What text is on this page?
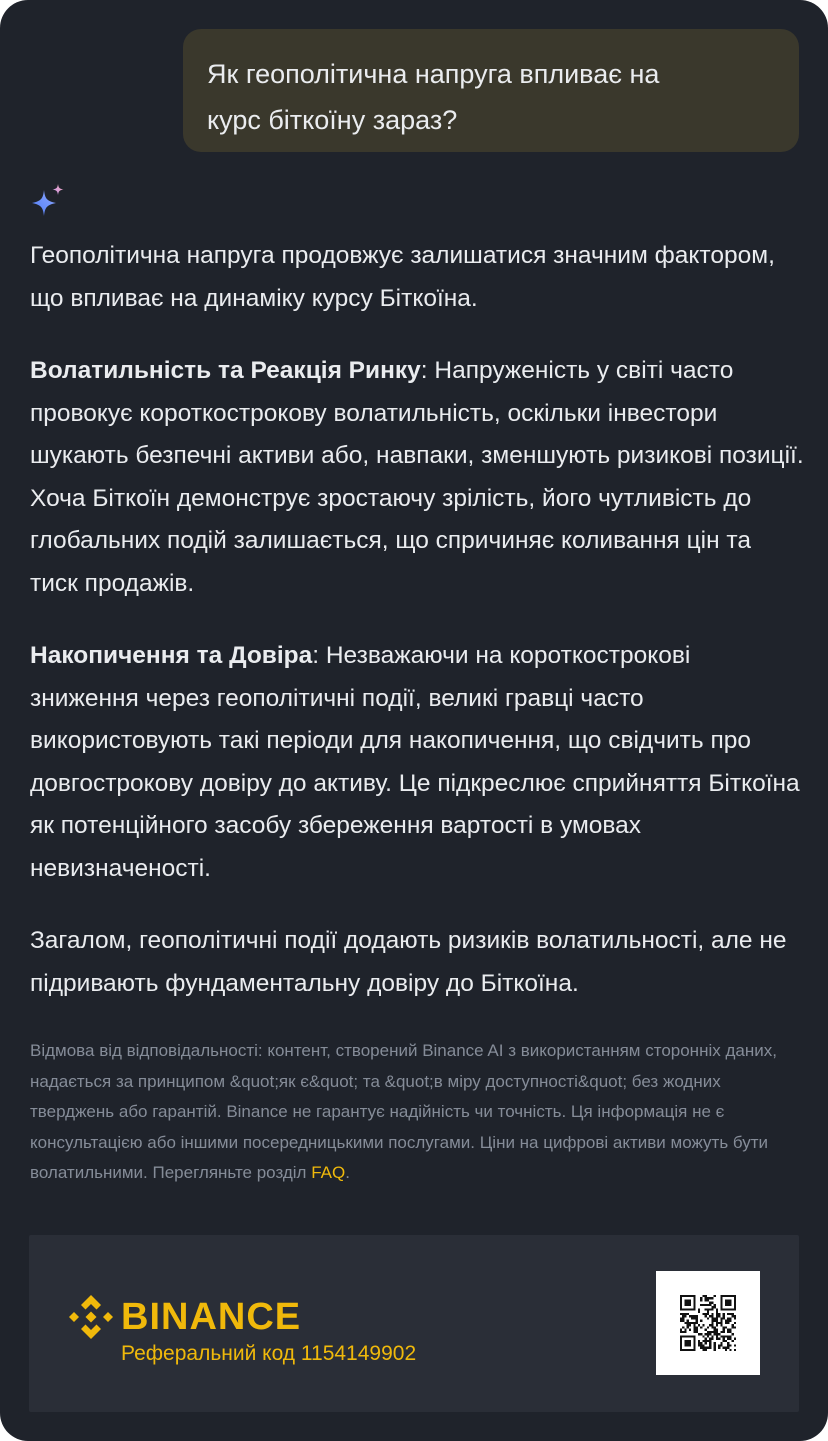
Як геополітична напруга впливає на
курс біткоїну зараз?

Геополітична напруга продовжує залишатися значним фактором, що впливає на динаміку курсу Біткоїна.

Волатильність та Реакція Ринку: Напруженість у світі часто провокує короткострокову волатильність, оскільки інвестори шукають безпечні активи або, навпаки, зменшують ризикові позиції. Хоча Біткоїн демонструє зростаючу зрілість, його чутливість до глобальних подій залишається, що спричиняє коливання цін та тиск продажів.

Накопичення та Довіра: Незважаючи на короткострокові зниження через геополітичні події, великі гравці часто використовують такі періоди для накопичення, що свідчить про довгострокову довіру до активу. Це підкреслює сприйняття Біткоїна як потенційного засобу збереження вартості в умовах невизначеності.

Загалом, геополітичні події додають ризиків волатильності, але не підривають фундаментальну довіру до Біткоїна.

Відмова від відповідальності: контент, створений Binance AI з використанням сторонніх даних, надається за принципом &quot;як є&quot; та &quot;в міру доступності&quot; без жодних тверджень або гарантій. Binance не гарантує надійність чи точність. Ця інформація не є консультацією або іншими посередницькими послугами. Ціни на цифрові активи можуть бути волатильними. Перегляньте розділ FAQ.
BINANCE
Реферальний код 1154149902
